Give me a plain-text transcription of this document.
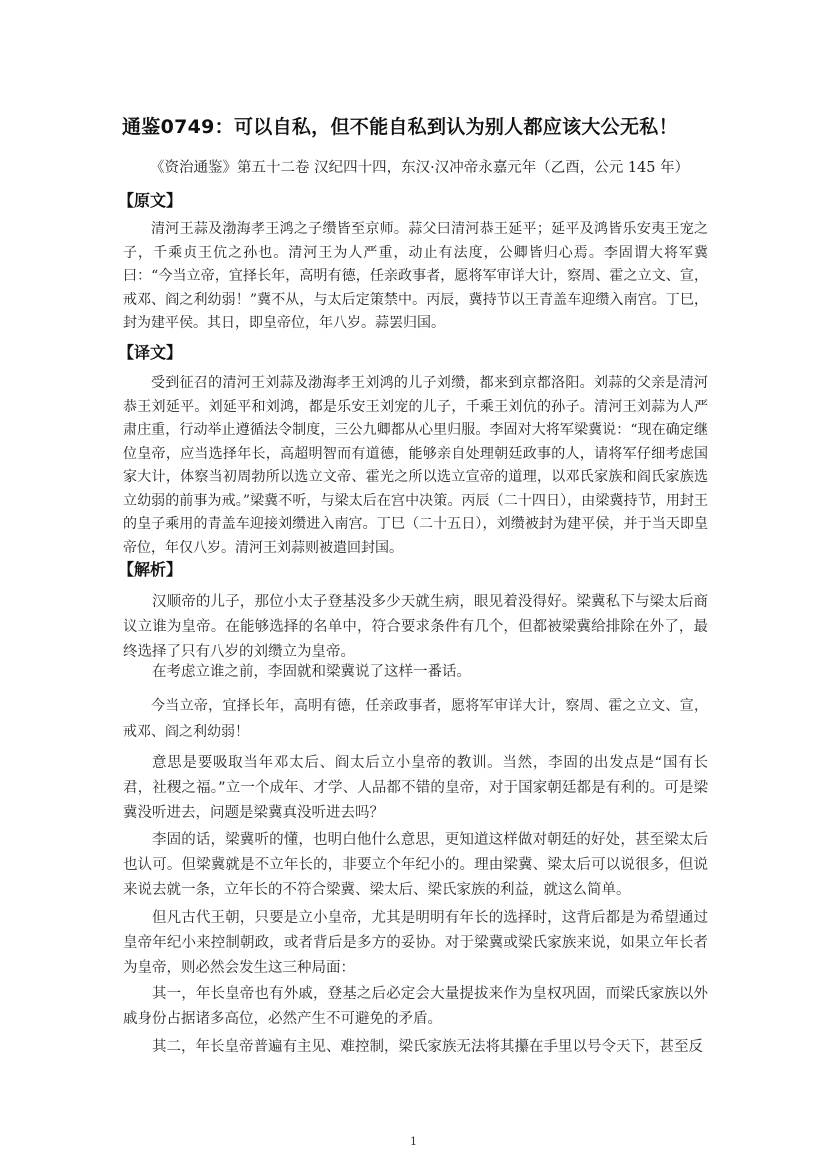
通鉴0749：可以自私，但不能自私到认为别人都应该大公无私！
《资治通鉴》第五十二卷 汉纪四十四，东汉·汉冲帝永嘉元年（乙酉，公元 145 年）
【原文】

清河王蒜及渤海孝王鸿之子缵皆至京师。蒜父曰清河恭王延平；延平及鸿皆乐安夷王宠之子，千乘贞王伉之孙也。清河王为人严重，动止有法度，公卿皆归心焉。李固谓大将军冀曰：“今当立帝，宜择长年，高明有德，任亲政事者，愿将军审详大计，察周、霍之立文、宣，戒邓、阎之利幼弱！”冀不从，与太后定策禁中。丙辰，冀持节以王青盖车迎缵入南宫。丁巳，封为建平侯。其日，即皇帝位，年八岁。蒜罢归国。

【译文】

受到征召的清河王刘蒜及渤海孝王刘鸿的儿子刘缵，都来到京都洛阳。刘蒜的父亲是清河恭王刘延平。刘延平和刘鸿，都是乐安王刘宠的儿子，千乘王刘伉的孙子。清河王刘蒜为人严肃庄重，行动举止遵循法令制度，三公九卿都从心里归服。李固对大将军梁冀说：“现在确定继位皇帝，应当选择年长，高超明智而有道德，能够亲自处理朝廷政事的人，请将军仔细考虑国家大计，体察当初周勃所以选立文帝、霍光之所以选立宣帝的道理，以邓氏家族和阎氏家族选立幼弱的前事为戒。”梁冀不听，与梁太后在宫中决策。丙辰（二十四日），由梁冀持节，用封王的皇子乘用的青盖车迎接刘缵进入南宫。丁巳（二十五日），刘缵被封为建平侯，并于当天即皇帝位，年仅八岁。清河王刘蒜则被遣回封国。

【解析】

汉顺帝的儿子，那位小太子登基没多少天就生病，眼见着没得好。梁冀私下与梁太后商议立谁为皇帝。在能够选择的名单中，符合要求条件有几个，但都被梁冀给排除在外了，最终选择了只有八岁的刘缵立为皇帝。

在考虑立谁之前，李固就和梁冀说了这样一番话。

今当立帝，宜择长年，高明有德，任亲政事者，愿将军审详大计，察周、霍之立文、宣，戒邓、阎之利幼弱！

意思是要吸取当年邓太后、阎太后立小皇帝的教训。当然，李固的出发点是“国有长君，社稷之福。”立一个成年、才学、人品都不错的皇帝，对于国家朝廷都是有利的。可是梁冀没听进去，问题是梁冀真没听进去吗？

李固的话，梁冀听的懂，也明白他什么意思，更知道这样做对朝廷的好处，甚至梁太后也认可。但梁冀就是不立年长的，非要立个年纪小的。理由梁冀、梁太后可以说很多，但说来说去就一条，立年长的不符合梁冀、梁太后、梁氏家族的利益，就这么简单。

但凡古代王朝，只要是立小皇帝，尤其是明明有年长的选择时，这背后都是为希望通过皇帝年纪小来控制朝政，或者背后是多方的妥协。对于梁冀或梁氏家族来说，如果立年长者为皇帝，则必然会发生这三种局面：

其一，年长皇帝也有外戚，登基之后必定会大量提拔来作为皇权巩固，而梁氏家族以外戚身份占据诸多高位，必然产生不可避免的矛盾。

其二，年长皇帝普遍有主见、难控制，梁氏家族无法将其攥在手里以号令天下，甚至反

1
